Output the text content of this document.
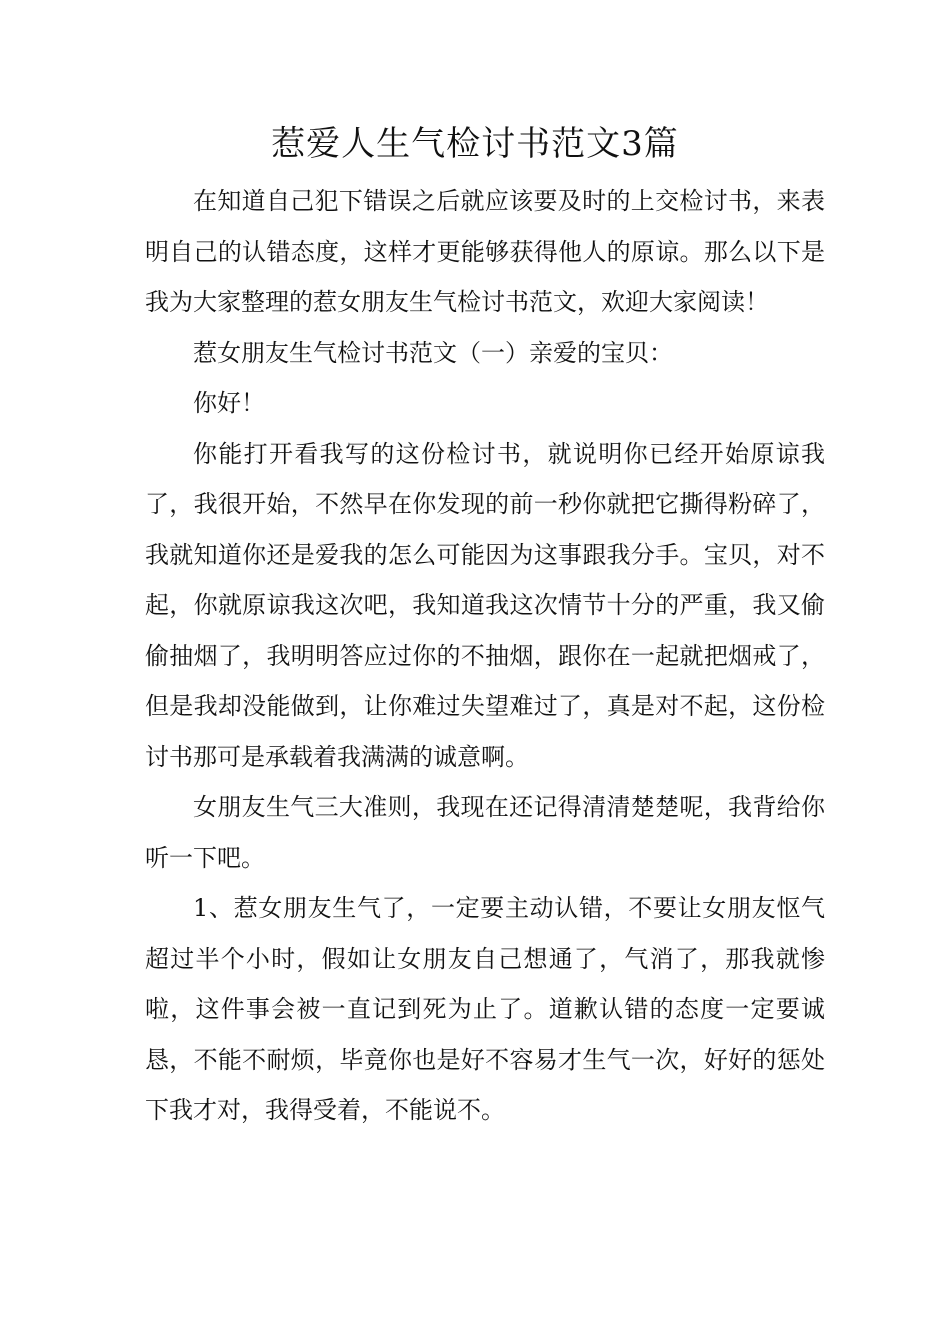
惹爱人生气检讨书范文3篇

在知道自己犯下错误之后就应该要及时的上交检讨书，来表明自己的认错态度，这样才更能够获得他人的原谅。那么以下是我为大家整理的惹女朋友生气检讨书范文，欢迎大家阅读！

惹女朋友生气检讨书范文（一）亲爱的宝贝：

你好！

你能打开看我写的这份检讨书，就说明你已经开始原谅我了，我很开始，不然早在你发现的前一秒你就把它撕得粉碎了，我就知道你还是爱我的怎么可能因为这事跟我分手。宝贝，对不起，你就原谅我这次吧，我知道我这次情节十分的严重，我又偷偷抽烟了，我明明答应过你的不抽烟，跟你在一起就把烟戒了，但是我却没能做到，让你难过失望难过了，真是对不起，这份检讨书那可是承载着我满满的诚意啊。

女朋友生气三大准则，我现在还记得清清楚楚呢，我背给你听一下吧。

1、惹女朋友生气了，一定要主动认错，不要让女朋友怄气超过半个小时，假如让女朋友自己想通了，气消了，那我就惨啦，这件事会被一直记到死为止了。道歉认错的态度一定要诚恳，不能不耐烦，毕竟你也是好不容易才生气一次，好好的惩处下我才对，我得受着，不能说不。
